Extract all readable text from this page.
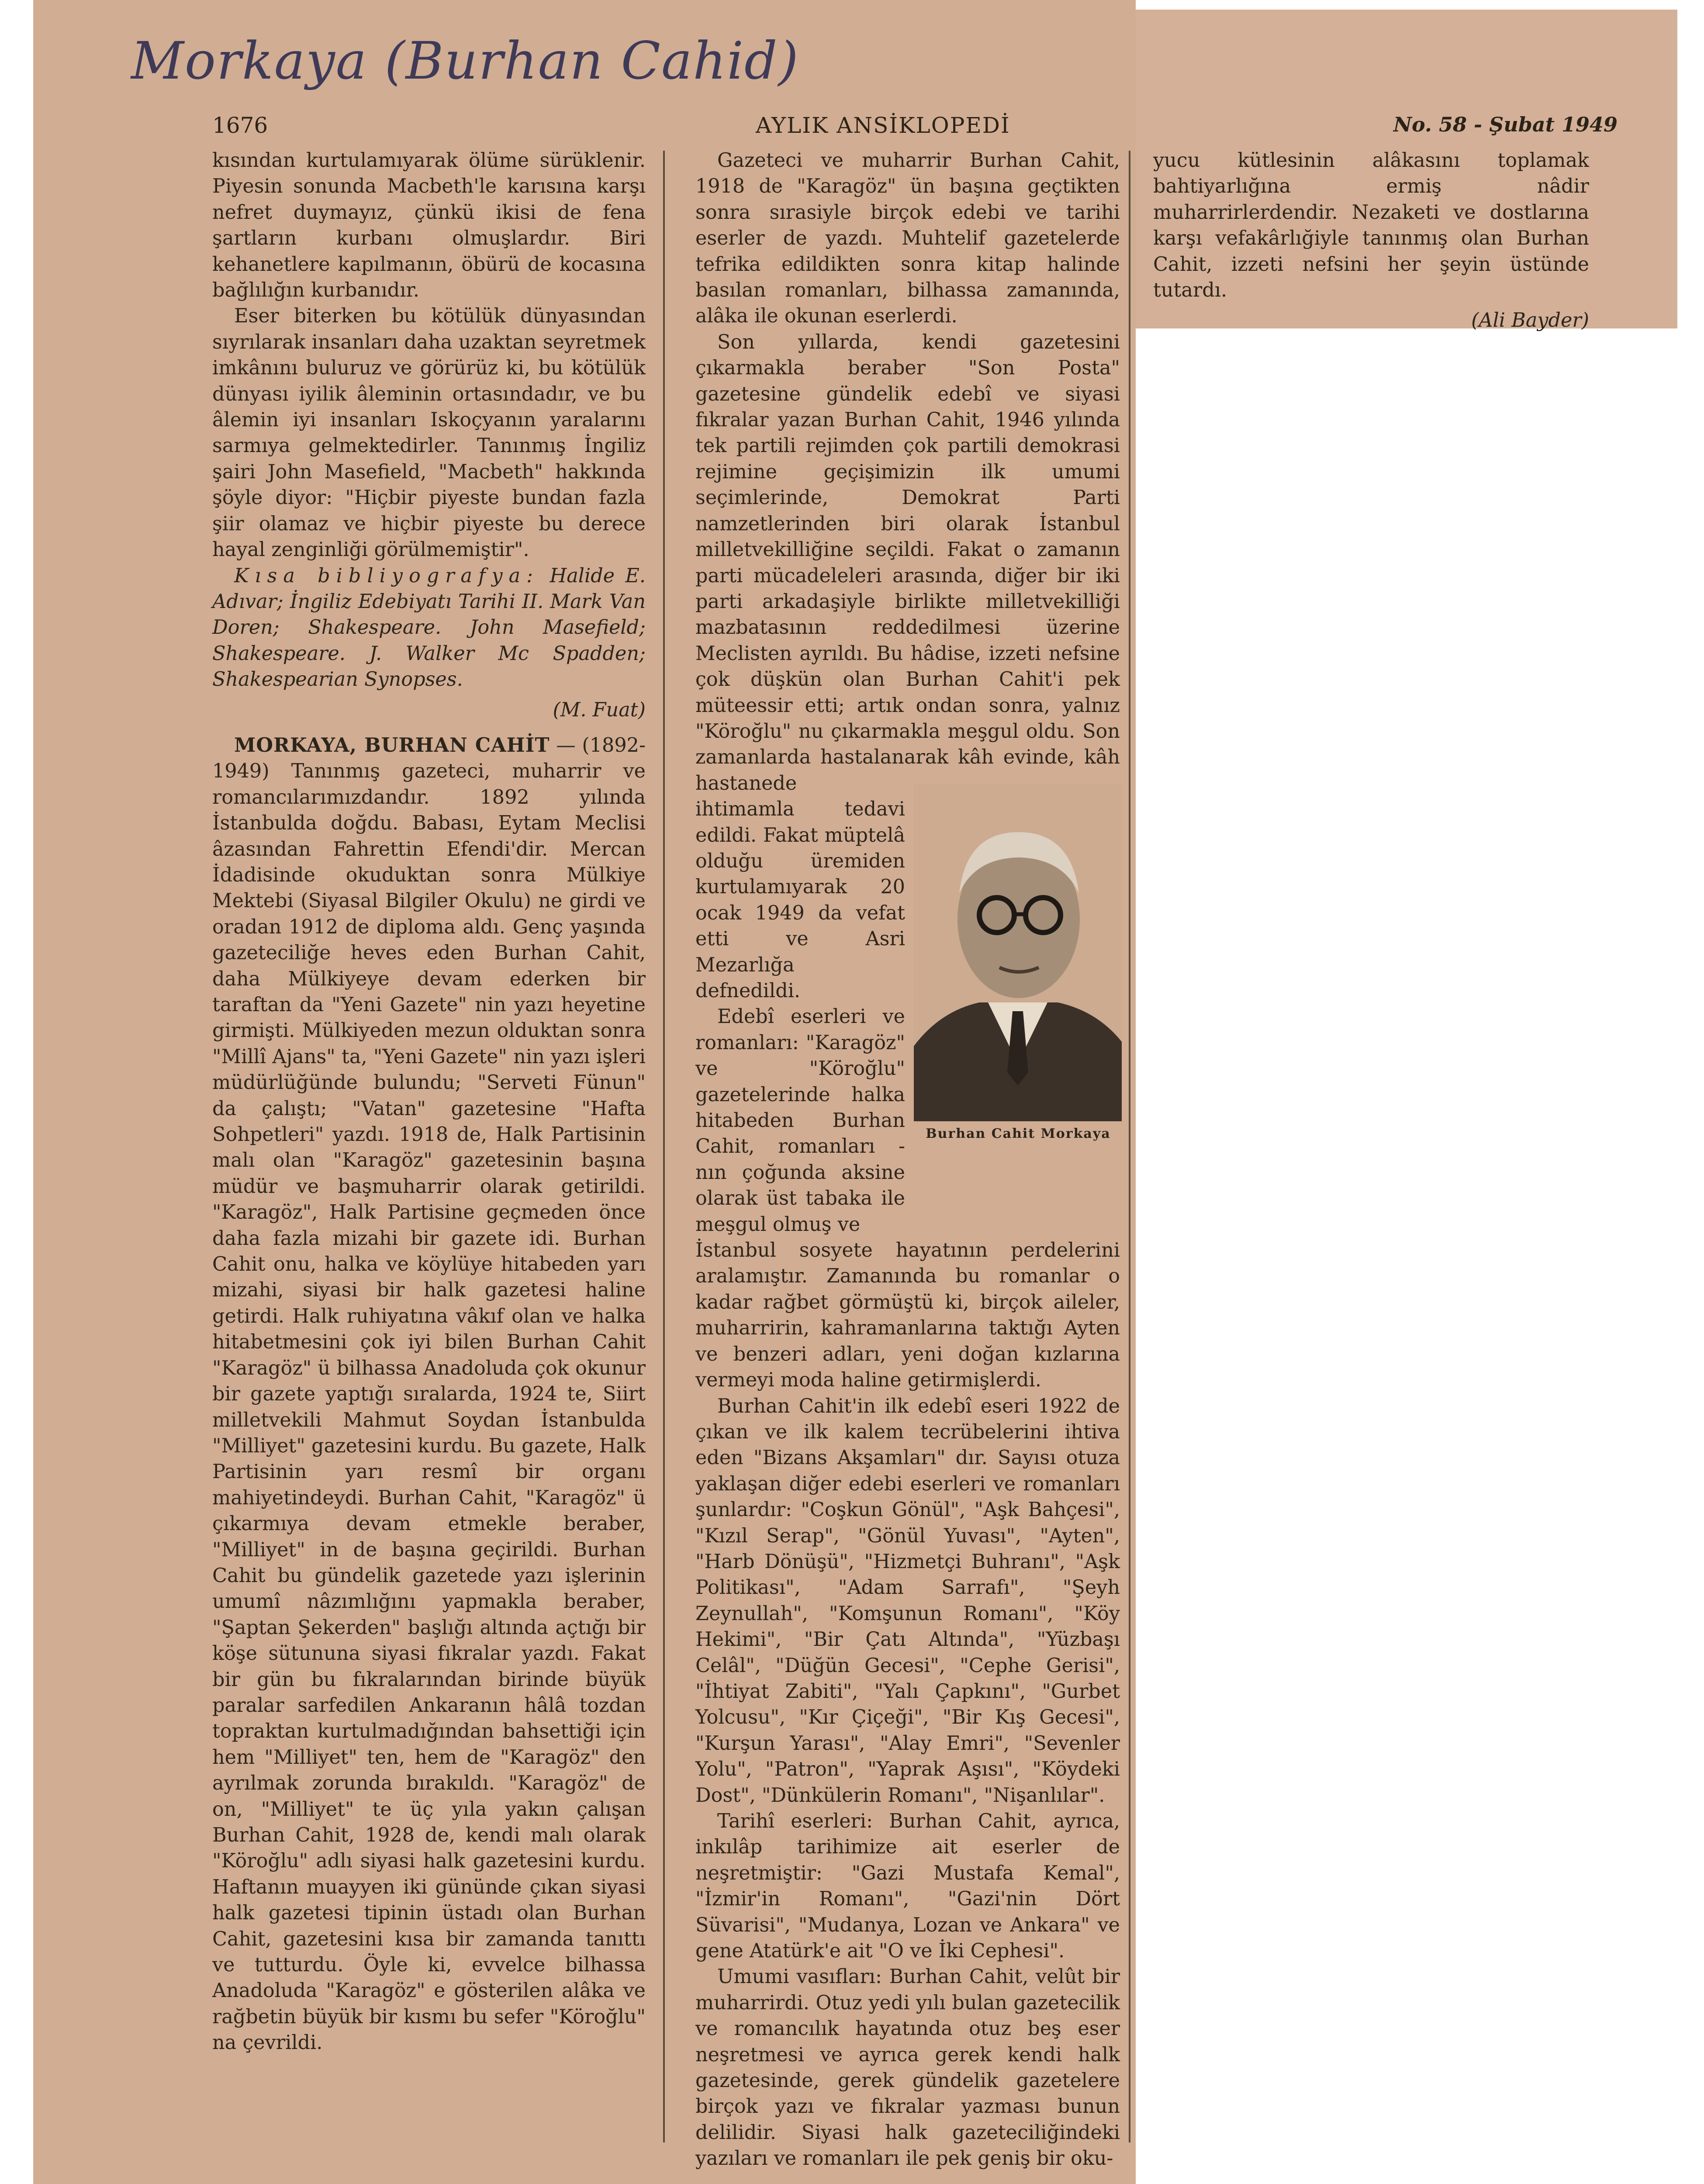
Morkaya (Burhan Cahid)
1676	AYLIK ANSİKLOPEDİ	No. 58 - Şubat 1949

kısından kurtulamıyarak ölüme sürüklenir. Piyesin sonunda Macbeth'le karısına karşı nefret duymayız, çünkü ikisi de fena şartların kurbanı olmuşlardır. Biri kehanetlere kapılmanın, öbürü de kocasına bağlılığın kurbanıdır.

Eser biterken bu kötülük dünyasından sıyrılarak insanları daha uzaktan seyretmek imkânını buluruz ve görürüz ki, bu kötülük dünyası iyilik âleminin ortasındadır, ve bu âlemin iyi insanları Iskoçyanın yaralarını sarmıya gelmektedirler. Tanınmış İngiliz şairi John Masefield, "Macbeth" hakkında şöyle diyor: "Hiçbir piyeste bundan fazla şiir olamaz ve hiçbir piyeste bu derece hayal zenginliği görülmemiştir".

Kısa bibliyografya: Halide E. Adıvar; İngiliz Edebiyatı Tarihi II. Mark Van Doren; Shakespeare. John Masefield; Shakespeare. J. Walker Mc Spadden; Shakespearian Synopses.

(M. Fuat)

MORKAYA, BURHAN CAHİT — (1892-1949) Tanınmış gazeteci, muharrir ve romancılarımızdandır. 1892 yılında İstanbulda doğdu. Babası, Eytam Meclisi âzasından Fahrettin Efendi'dir. Mercan İdadisinde okuduktan sonra Mülkiye Mektebi (Siyasal Bilgiler Okulu) ne girdi ve oradan 1912 de diploma aldı. Genç yaşında gazeteciliğe heves eden Burhan Cahit, daha Mülkiyeye devam ederken bir taraftan da "Yeni Gazete" nin yazı heyetine girmişti. Mülkiyeden mezun olduktan sonra "Millî Ajans" ta, "Yeni Gazete" nin yazı işleri müdürlüğünde bulundu; "Serveti Fünun" da çalıştı; "Vatan" gazetesine "Hafta Sohpetleri" yazdı. 1918 de, Halk Partisinin malı olan "Karagöz" gazetesinin başına müdür ve başmuharrir olarak getirildi. "Karagöz", Halk Partisine geçmeden önce daha fazla mizahi bir gazete idi. Burhan Cahit onu, halka ve köylüye hitabeden yarı mizahi, siyasi bir halk gazetesi haline getirdi. Halk ruhiyatına vâkıf olan ve halka hitabetmesini çok iyi bilen Burhan Cahit "Karagöz" ü bilhassa Anadoluda çok okunur bir gazete yaptığı sıralarda, 1924 te, Siirt milletvekili Mahmut Soydan İstanbulda "Milliyet" gazetesini kurdu. Bu gazete, Halk Partisinin yarı resmî bir organı mahiyetindeydi. Burhan Cahit, "Karagöz" ü çıkarmıya devam etmekle beraber, "Milliyet" in de başına geçirildi. Burhan Cahit bu gündelik gazetede yazı işlerinin umumî nâzımlığını yapmakla beraber, "Şaptan Şekerden" başlığı altında açtığı bir köşe sütununa siyasi fıkralar yazdı. Fakat bir gün bu fıkralarından birinde büyük paralar sarfedilen Ankaranın hâlâ tozdan topraktan kurtulmadığından bahsettiği için hem "Milliyet" ten, hem de "Karagöz" den ayrılmak zorunda bırakıldı. "Karagöz" de on, "Milliyet" te üç yıla yakın çalışan Burhan Cahit, 1928 de, kendi malı olarak "Köroğlu" adlı siyasi halk gazetesini kurdu. Haftanın muayyen iki gününde çıkan siyasi halk gazetesi tipinin üstadı olan Burhan Cahit, gazetesini kısa bir zamanda tanıttı ve tutturdu. Öyle ki, evvelce bilhassa Anadoluda "Karagöz" e gösterilen alâka ve rağbetin büyük bir kısmı bu sefer "Köroğlu" na çevrildi.

Gazeteci ve muharrir Burhan Cahit, 1918 de "Karagöz" ün başına geçtikten sonra sırasiyle birçok edebi ve tarihi eserler de yazdı. Muhtelif gazetelerde tefrika edildikten sonra kitap halinde basılan romanları, bilhassa zamanında, alâka ile okunan eserlerdi.

Son yıllarda, kendi gazetesini çıkarmakla beraber "Son Posta" gazetesine gündelik edebî ve siyasi fıkralar yazan Burhan Cahit, 1946 yılında tek partili rejimden çok partili demokrasi rejimine geçişimizin ilk umumi seçimlerinde, Demokrat Parti namzetlerinden biri olarak İstanbul milletvekilliğine seçildi. Fakat o zamanın parti mücadeleleri arasında, diğer bir iki parti arkadaşiyle birlikte milletvekilliği mazbatasının reddedilmesi üzerine Meclisten ayrıldı. Bu hâdise, izzeti nefsine çok düşkün olan Burhan Cahit'i pek müteessir etti; artık ondan sonra, yalnız "Köroğlu" nu çıkarmakla meşgul oldu. Son zamanlarda hastalanarak kâh evinde, kâh hastanede

ihtimamla tedavi edildi. Fakat müptelâ olduğu üremiden kurtulamıyarak 20 ocak 1949 da vefat etti ve Asri Mezarlığa defnedildi.

Edebî eserleri ve romanları: "Karagöz" ve "Köroğlu" gazetelerinde halka hitabeden Burhan Cahit, romanları - nın çoğunda aksine olarak üst tabaka ile meşgul olmuş ve

İstanbul sosyete hayatının perdelerini aralamıştır. Zamanında bu romanlar o kadar rağbet görmüştü ki, birçok aileler, muharririn, kahramanlarına taktığı Ayten ve benzeri adları, yeni doğan kızlarına vermeyi moda haline getirmişlerdi.

Burhan Cahit'in ilk edebî eseri 1922 de çıkan ve ilk kalem tecrübelerini ihtiva eden "Bizans Akşamları" dır. Sayısı otuza yaklaşan diğer edebi eserleri ve romanları şunlardır: "Coşkun Gönül", "Aşk Bahçesi", "Kızıl Serap", "Gönül Yuvası", "Ayten", "Harb Dönüşü", "Hizmetçi Buhranı", "Aşk Politikası", "Adam Sarrafı", "Şeyh Zeynullah", "Komşunun Romanı", "Köy Hekimi", "Bir Çatı Altında", "Yüzbaşı Celâl", "Düğün Gecesi", "Cephe Gerisi", "İhtiyat Zabiti", "Yalı Çapkını", "Gurbet Yolcusu", "Kır Çiçeği", "Bir Kış Gecesi", "Kurşun Yarası", "Alay Emri", "Sevenler Yolu", "Patron", "Yaprak Aşısı", "Köydeki Dost", "Dünkülerin Romanı", "Nişanlılar".

Tarihî eserleri: Burhan Cahit, ayrıca, inkılâp tarihimize ait eserler de neşretmiştir: "Gazi Mustafa Kemal", "İzmir'in Romanı", "Gazi'nin Dört Süvarisi", "Mudanya, Lozan ve Ankara" ve gene Atatürk'e ait "O ve İki Cephesi".

Umumi vasıfları: Burhan Cahit, velût bir muharrirdi. Otuz yedi yılı bulan gazetecilik ve romancılık hayatında otuz beş eser neşretmesi ve ayrıca gerek kendi halk gazetesinde, gerek gündelik gazetelere birçok yazı ve fıkralar yazması bunun delilidir. Siyasi halk gazeteciliğindeki yazıları ve romanları ile pek geniş bir oku-

Burhan Cahit Morkaya

yucu kütlesinin alâkasını toplamak bahtiyarlığına ermiş nâdir muharrirlerdendir. Nezaketi ve dostlarına karşı vefakârlığiyle tanınmış olan Burhan Cahit, izzeti nefsini her şeyin üstünde tutardı.

(Ali Bayder)
